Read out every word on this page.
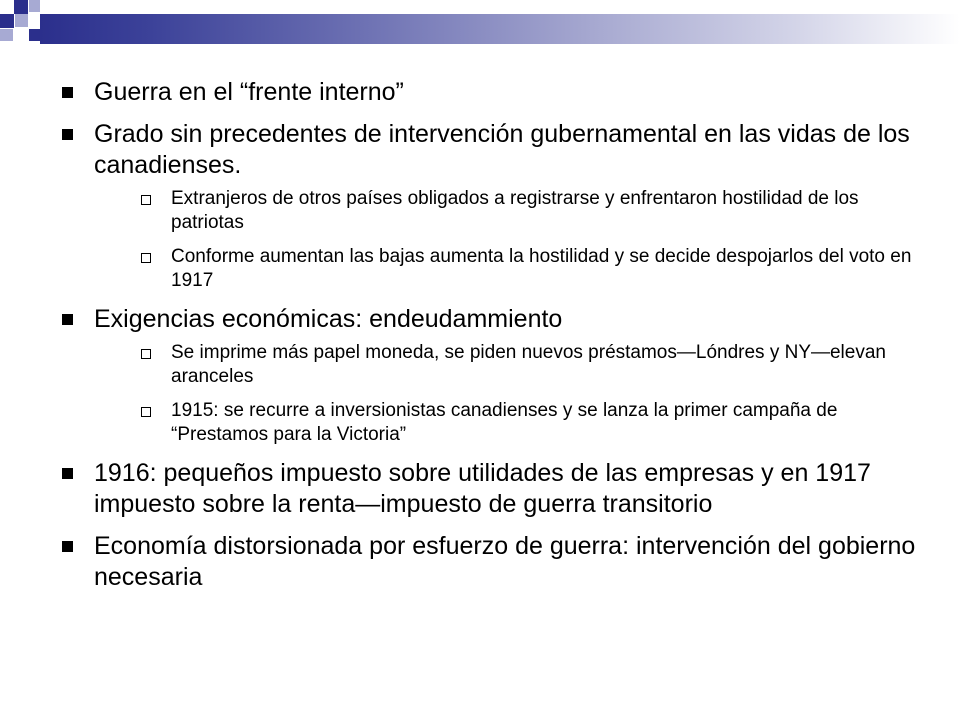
Guerra en el “frente interno”
Grado sin precedentes de intervención gubernamental en las vidas de los canadienses.
Extranjeros de otros países obligados a registrarse y enfrentaron hostilidad de los patriotas
Conforme aumentan las bajas aumenta la hostilidad y se decide despojarlos del voto en 1917
Exigencias económicas: endeudammiento
Se imprime más papel moneda, se piden nuevos préstamos—Lóndres y NY—elevan aranceles
1915: se recurre a inversionistas canadienses y se lanza la primer campaña de “Prestamos para la Victoria”
1916: pequeños impuesto sobre utilidades de las empresas y en 1917 impuesto sobre la renta—impuesto de guerra transitorio
Economía distorsionada por esfuerzo de guerra: intervención del gobierno necesaria
